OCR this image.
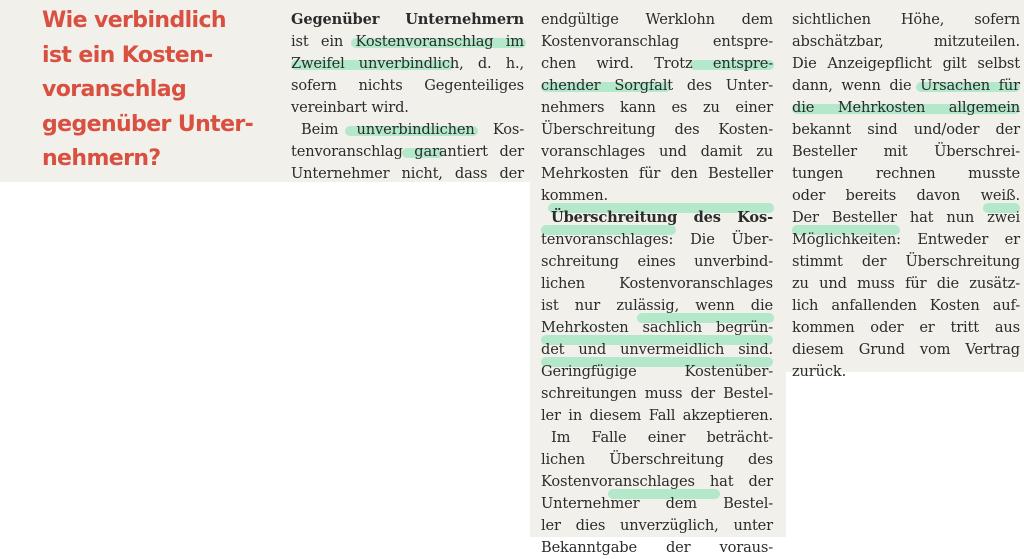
Wie verbindlich
ist ein Kosten-
voranschlag
gegenüber Unter-
nehmern?
Gegenüber Unternehmern
ist ein Kostenvoranschlag im
Zweifel unverbindlich, d. h.,
sofern nichts Gegenteiliges
vereinbart wird.
Beim unverbindlichen Kos-
tenvoranschlag garantiert der
Unternehmer nicht, dass der
endgültige Werklohn dem
Kostenvoranschlag entspre-
chen wird. Trotz entspre-
chender Sorgfalt des Unter-
nehmers kann es zu einer
Überschreitung des Kosten-
voranschlages und damit zu
Mehrkosten für den Besteller
kommen.
Überschreitung des Kos-
tenvoranschlages: Die Über-
schreitung eines unverbind-
lichen Kostenvoranschlages
ist nur zulässig, wenn die
Mehrkosten sachlich begrün-
det und unvermeidlich sind.
Geringfügige Kostenüber-
schreitungen muss der Bestel-
ler in diesem Fall akzeptieren.
Im Falle einer beträcht-
lichen Überschreitung des
Kostenvoranschlages hat der
Unternehmer dem Bestel-
ler dies unverzüglich, unter
Bekanntgabe der voraus-
sichtlichen Höhe, sofern
abschätzbar, mitzuteilen.
Die Anzeigepflicht gilt selbst
dann, wenn die Ursachen für
die Mehrkosten allgemein
bekannt sind und/oder der
Besteller mit Überschrei-
tungen rechnen musste
oder bereits davon weiß.
Der Besteller hat nun zwei
Möglichkeiten: Entweder er
stimmt der Überschreitung
zu und muss für die zusätz-
lich anfallenden Kosten auf-
kommen oder er tritt aus
diesem Grund vom Vertrag
zurück.
